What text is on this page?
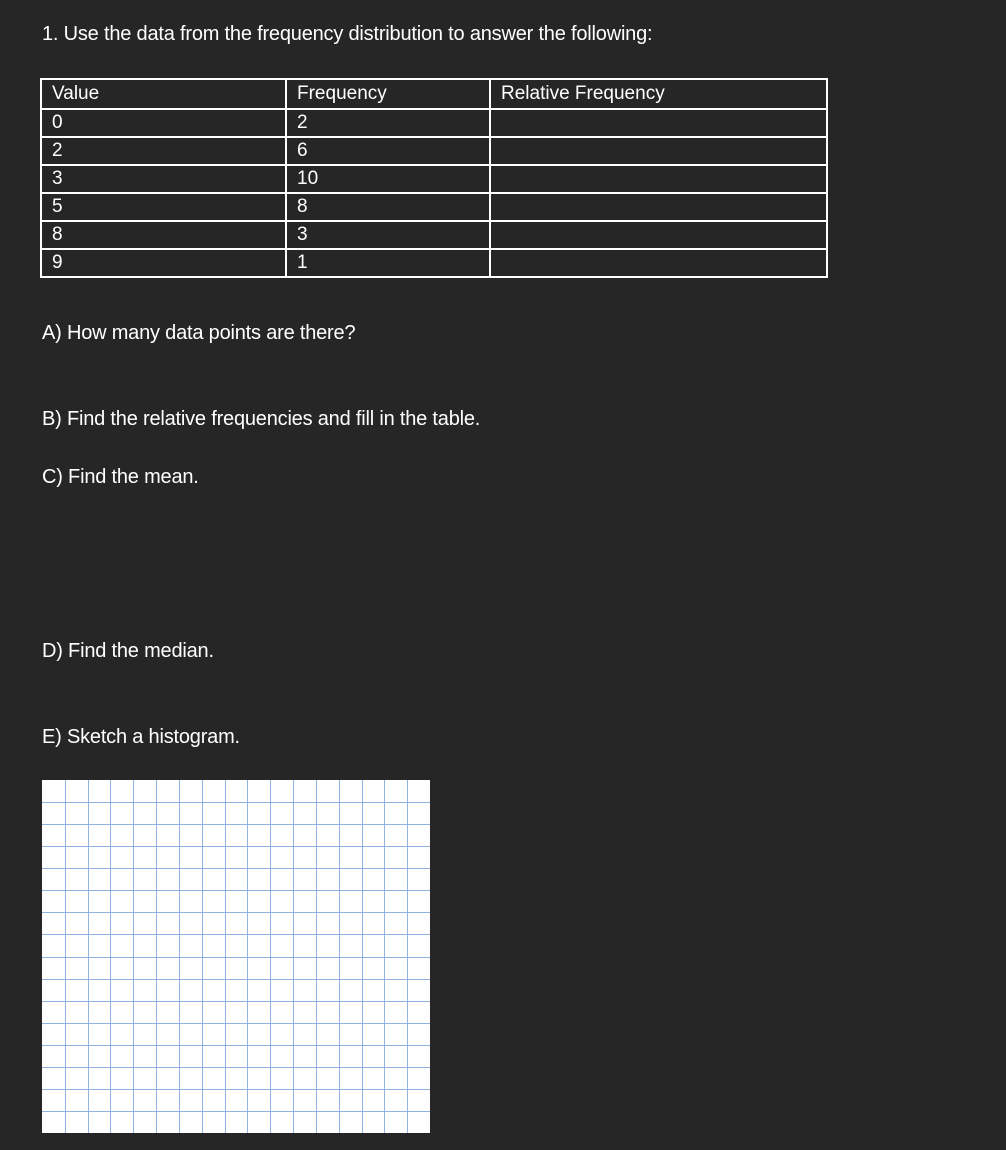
1. Use the data from the frequency distribution to answer the following:

Value	Frequency	Relative Frequency
0	2	
2	6	
3	10	
5	8	
8	3	
9	1	

A) How many data points are there?

B) Find the relative frequencies and fill in the table.

C) Find the mean.

D) Find the median.

E) Sketch a histogram.
